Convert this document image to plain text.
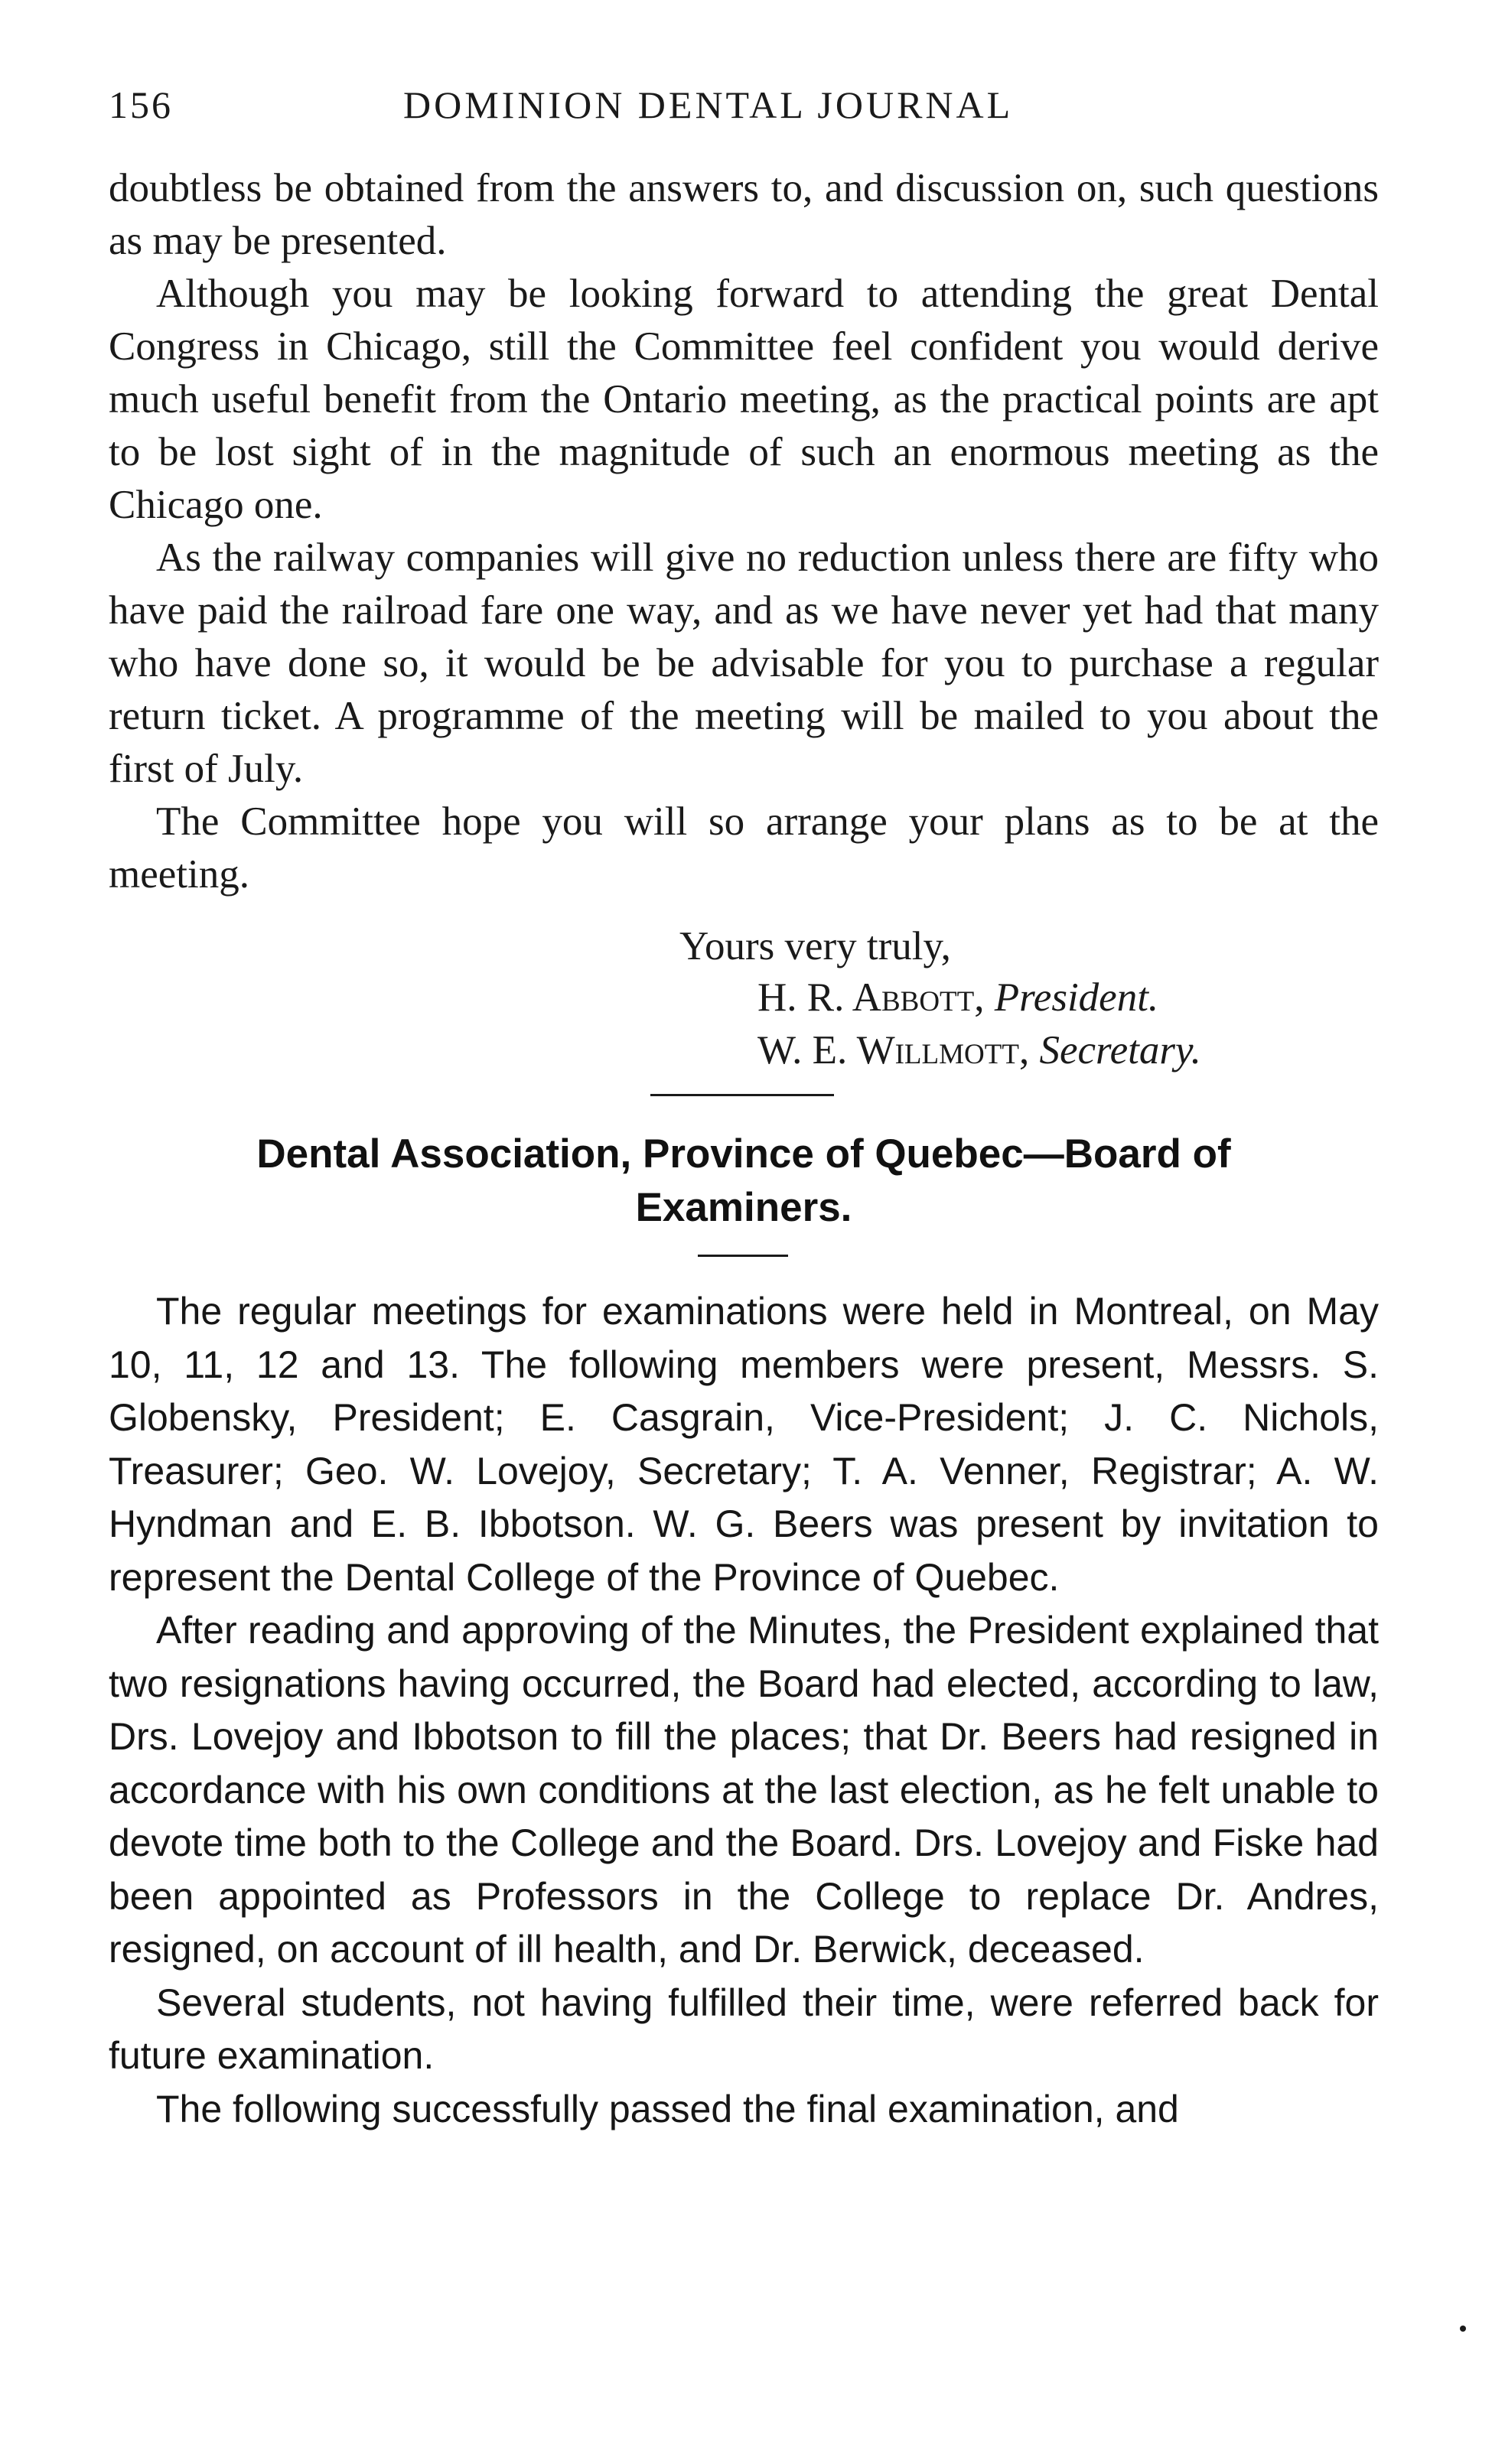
156	DOMINION DENTAL JOURNAL

doubtless be obtained from the answers to, and discussion on, such questions as may be presented.

Although you may be looking forward to attending the great Dental Congress in Chicago, still the Committee feel confident you would derive much useful benefit from the Ontario meeting, as the practical points are apt to be lost sight of in the magnitude of such an enormous meeting as the Chicago one.

As the railway companies will give no reduction unless there are fifty who have paid the railroad fare one way, and as we have never yet had that many who have done so, it would be be advisable for you to purchase a regular return ticket. A programme of the meeting will be mailed to you about the first of July.

The Committee hope you will so arrange your plans as to be at the meeting.

Yours very truly,
H. R. Abbott, President.
W. E. Willmott, Secretary.
Dental Association, Province of Quebec—Board of
Examiners.

The regular meetings for examinations were held in Montreal, on May 10, 11, 12 and 13. The following members were present, Messrs. S. Globensky, President; E. Casgrain, Vice-President; J. C. Nichols, Treasurer; Geo. W. Lovejoy, Secretary; T. A. Venner, Registrar; A. W. Hyndman and E. B. Ibbotson. W. G. Beers was present by invitation to represent the Dental College of the Province of Quebec.

After reading and approving of the Minutes, the President explained that two resignations having occurred, the Board had elected, according to law, Drs. Lovejoy and Ibbotson to fill the places; that Dr. Beers had resigned in accordance with his own conditions at the last election, as he felt unable to devote time both to the College and the Board. Drs. Lovejoy and Fiske had been appointed as Professors in the College to replace Dr. Andres, resigned, on account of ill health, and Dr. Berwick, deceased.

Several students, not having fulfilled their time, were referred back for future examination.

The following successfully passed the final examination, and
